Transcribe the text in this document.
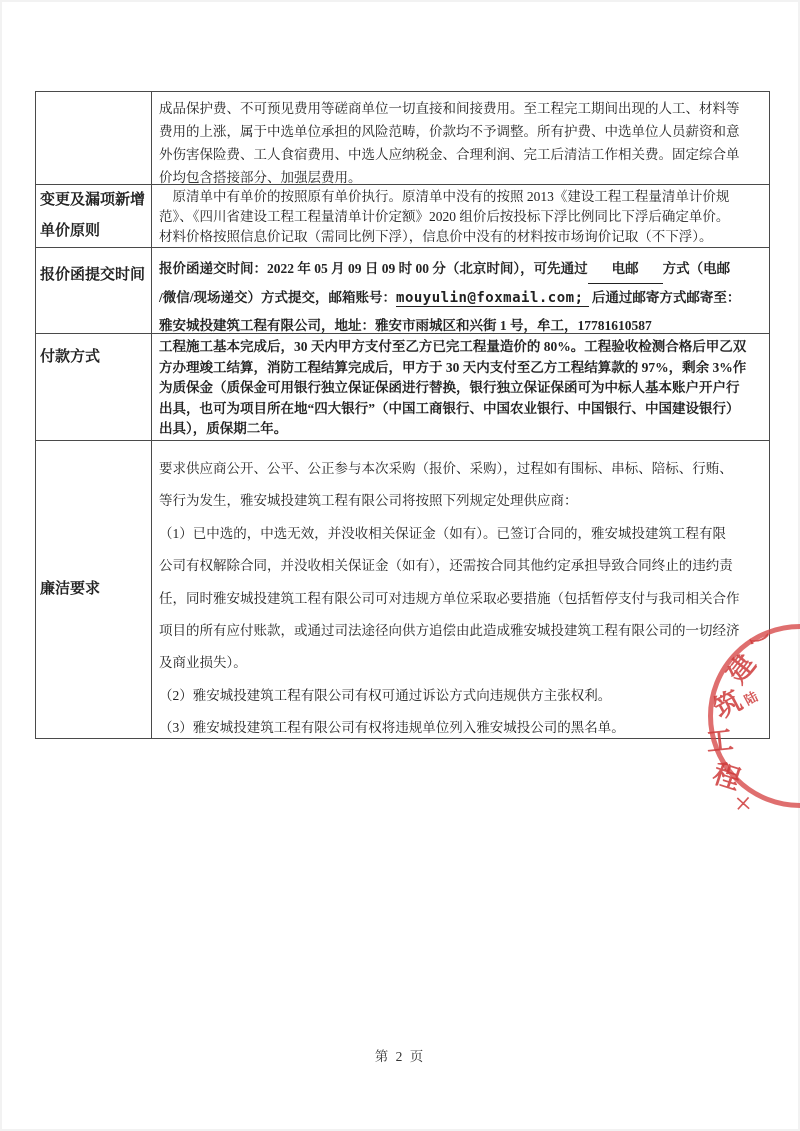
成品保护费、不可预见费用等磋商单位一切直接和间接费用。至工程完工期间出现的人工、材料等
费用的上涨，属于中选单位承担的风险范畴，价款均不予调整。所有护费、中选单位人员薪资和意
外伤害保险费、工人食宿费用、中选人应纳税金、合理利润、完工后清洁工作相关费。固定综合单
价均包含搭接部分、加强层费用。
变更及漏项新增
单价原则
　原清单中有单价的按照原有单价执行。原清单中没有的按照 2013《建设工程工程量清单计价规
范》、《四川省建设工程工程量清单计价定额》2020 组价后按投标下浮比例同比下浮后确定单价。
材料价格按照信息价记取（需同比例下浮），信息价中没有的材料按市场询价记取（不下浮）。
报价函提交时间	报价函递交时间：2022 年 05 月 09 日 09 时 00 分（北京时间），可先通过 电邮 方式（电邮
/微信/现场递交）方式提交，邮箱账号：mouyulin@foxmail.com; 后通过邮寄方式邮寄至：
雅安城投建筑工程有限公司，地址：雅安市雨城区和兴街 1 号，牟工，17781610587
付款方式
工程施工基本完成后，30 天内甲方支付至乙方已完工程量造价的 80%。工程验收检测合格后甲乙双
方办理竣工结算，消防工程结算完成后，甲方于 30 天内支付至乙方工程结算款的 97%，剩余 3%作
为质保金（质保金可用银行独立保证保函进行替换，银行独立保证保函可为中标人基本账户开户行
出具，也可为项目所在地“四大银行”（中国工商银行、中国农业银行、中国银行、中国建设银行）
出具），质保期二年。
廉洁要求
要求供应商公开、公平、公正参与本次采购（报价、采购），过程如有围标、串标、陪标、行贿、
等行为发生，雅安城投建筑工程有限公司将按照下列规定处理供应商：
（1）已中选的，中选无效，并没收相关保证金（如有）。已签订合同的，雅安城投建筑工程有限
公司有权解除合同，并没收相关保证金（如有），还需按合同其他约定承担导致合同终止的违约责
任，同时雅安城投建筑工程有限公司可对违规方单位采取必要措施（包括暂停支付与我司相关合作
项目的所有应付账款，或通过司法途径向供方追偿由此造成雅安城投建筑工程有限公司的一切经济
及商业损失）。
（2）雅安城投建筑工程有限公司有权可通过诉讼方式向违规供方主张权利。
（3）雅安城投建筑工程有限公司有权将违规单位列入雅安城投公司的黑名单。
乀
建
筑
陆
工
程
＋
第 2 页
